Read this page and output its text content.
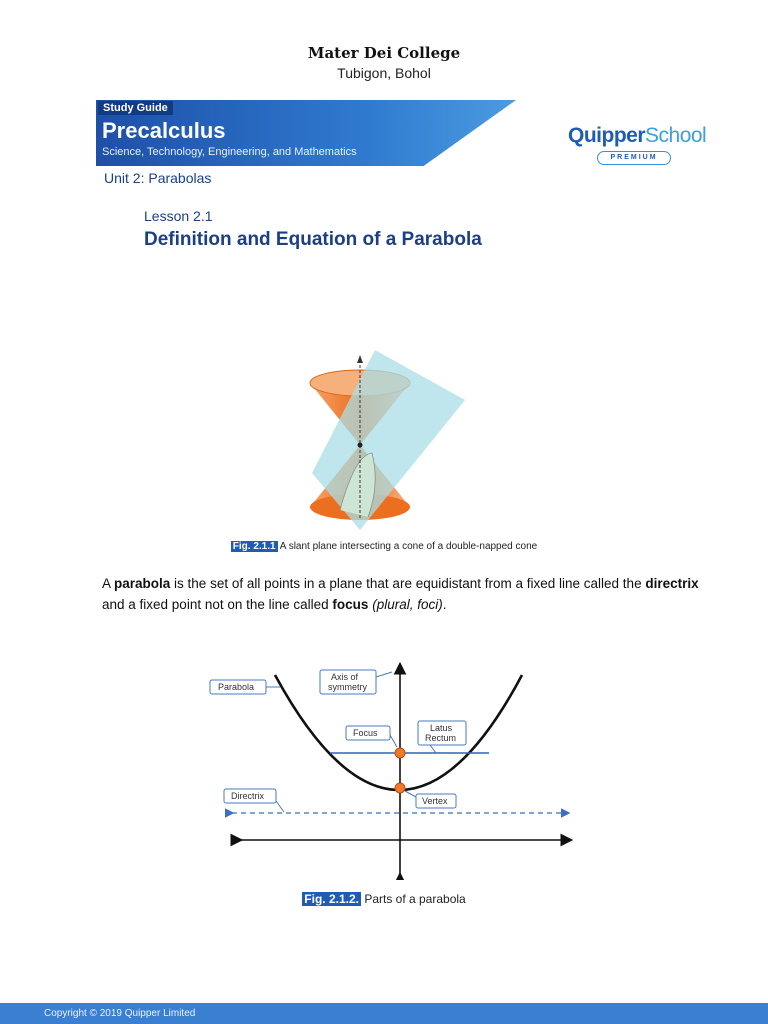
Mater Dei College
Tubigon, Bohol
Study Guide
Precalculus
Science, Technology, Engineering, and Mathematics
QuipperSchool
PREMIUM
Unit 2: Parabolas
Lesson 2.1
Definition and Equation of a Parabola
Fig. 2.1.1 A slant plane intersecting a cone of a double-napped cone
A parabola is the set of all points in a plane that are equidistant from a fixed line called the directrix and a fixed point not on the line called focus (plural, foci).
Parabola
Axis of
symmetry
Focus	Latus
Rectum
Directrix	Vertex
Fig. 2.1.2. Parts of a parabola
Copyright © 2019 Quipper Limited
